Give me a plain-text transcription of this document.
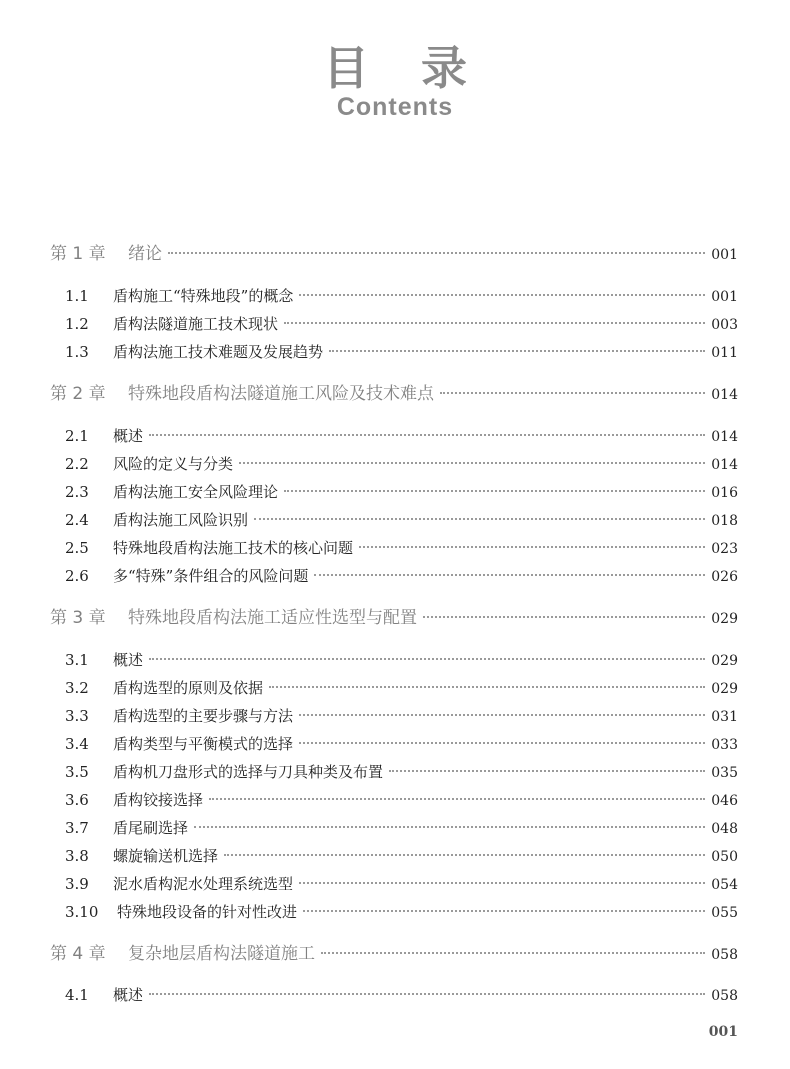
目录
Contents
第 1 章	绪论	001
1.1	盾构施工“特殊地段”的概念	001
1.2	盾构法隧道施工技术现状	003
1.3	盾构法施工技术难题及发展趋势	011
第 2 章	特殊地段盾构法隧道施工风险及技术难点	014
2.1	概述	014
2.2	风险的定义与分类	014
2.3	盾构法施工安全风险理论	016
2.4	盾构法施工风险识别	018
2.5	特殊地段盾构法施工技术的核心问题	023
2.6	多“特殊”条件组合的风险问题	026
第 3 章	特殊地段盾构法施工适应性选型与配置	029
3.1	概述	029
3.2	盾构选型的原则及依据	029
3.3	盾构选型的主要步骤与方法	031
3.4	盾构类型与平衡模式的选择	033
3.5	盾构机刀盘形式的选择与刀具种类及布置	035
3.6	盾构铰接选择	046
3.7	盾尾刷选择	048
3.8	螺旋输送机选择	050
3.9	泥水盾构泥水处理系统选型	054
3.10	特殊地段设备的针对性改进	055
第 4 章	复杂地层盾构法隧道施工	058
4.1	概述	058
001
